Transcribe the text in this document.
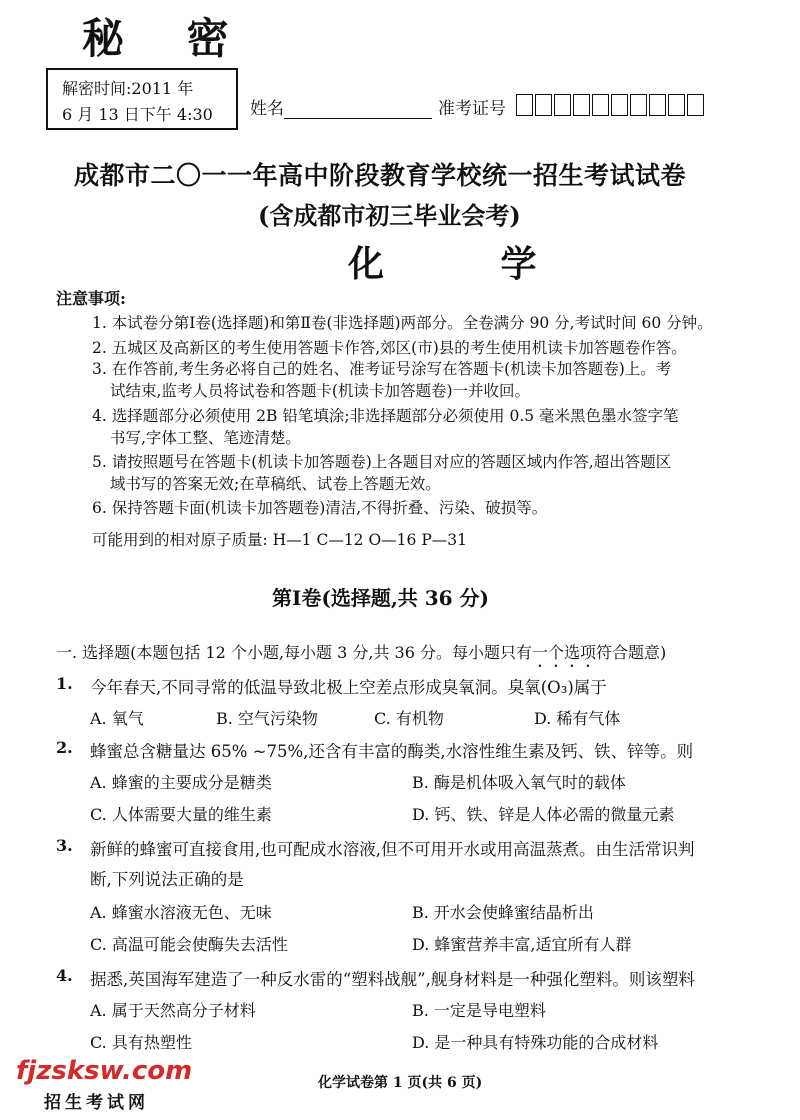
秘 密
解密时间:2011 年
6 月 13 日下午 4:30 姓名	准考证号
成都市二〇一一年高中阶段教育学校统一招生考试试卷
(含成都市初三毕业会考)
化 学
注意事项:
1. 本试卷分第Ⅰ卷(选择题)和第Ⅱ卷(非选择题)两部分。全卷满分 90 分,考试时间 60 分钟。
2. 五城区及高新区的考生使用答题卡作答,郊区(市)县的考生使用机读卡加答题卷作答。
3. 在作答前,考生务必将自己的姓名、准考证号涂写在答题卡(机读卡加答题卷)上。考
试结束,监考人员将试卷和答题卡(机读卡加答题卷)一并收回。
4. 选择题部分必须使用 2B 铅笔填涂;非选择题部分必须使用 0.5 毫米黑色墨水签字笔
书写,字体工整、笔迹清楚。
5. 请按照题号在答题卡(机读卡加答题卷)上各题目对应的答题区域内作答,超出答题区
域书写的答案无效;在草稿纸、试卷上答题无效。
6. 保持答题卡面(机读卡加答题卷)清洁,不得折叠、污染、破损等。
可能用到的相对原子质量: H—1 C—12 O—16 P—31
第Ⅰ卷(选择题,共 36 分)
一. 选择题(本题包括 12 个小题,每小题 3 分,共 36 分。每小题只有一个选项符合题意)
1. 今年春天,不同寻常的低温导致北极上空差点形成臭氧洞。臭氧(O₃)属于
A. 氧气	B. 空气污染物	C. 有机物	D. 稀有气体
2. 蜂蜜总含糖量达 65% ~75%,还含有丰富的酶类,水溶性维生素及钙、铁、锌等。则
A. 蜂蜜的主要成分是糖类	B. 酶是机体吸入氧气时的载体
C. 人体需要大量的维生素	D. 钙、铁、锌是人体必需的微量元素
3. 新鲜的蜂蜜可直接食用,也可配成水溶液,但不可用开水或用高温蒸煮。由生活常识判
断,下列说法正确的是
A. 蜂蜜水溶液无色、无味	B. 开水会使蜂蜜结晶析出
C. 高温可能会使酶失去活性	D. 蜂蜜营养丰富,适宜所有人群
4. 据悉,英国海军建造了一种反水雷的“塑料战舰”,舰身材料是一种强化塑料。则该塑料
A. 属于天然高分子材料	B. 一定是导电塑料
C. 具有热塑性	D. 是一种具有特殊功能的合成材料
化学试卷第 1 页(共 6 页)
fjzsksw.com
招生考试网
